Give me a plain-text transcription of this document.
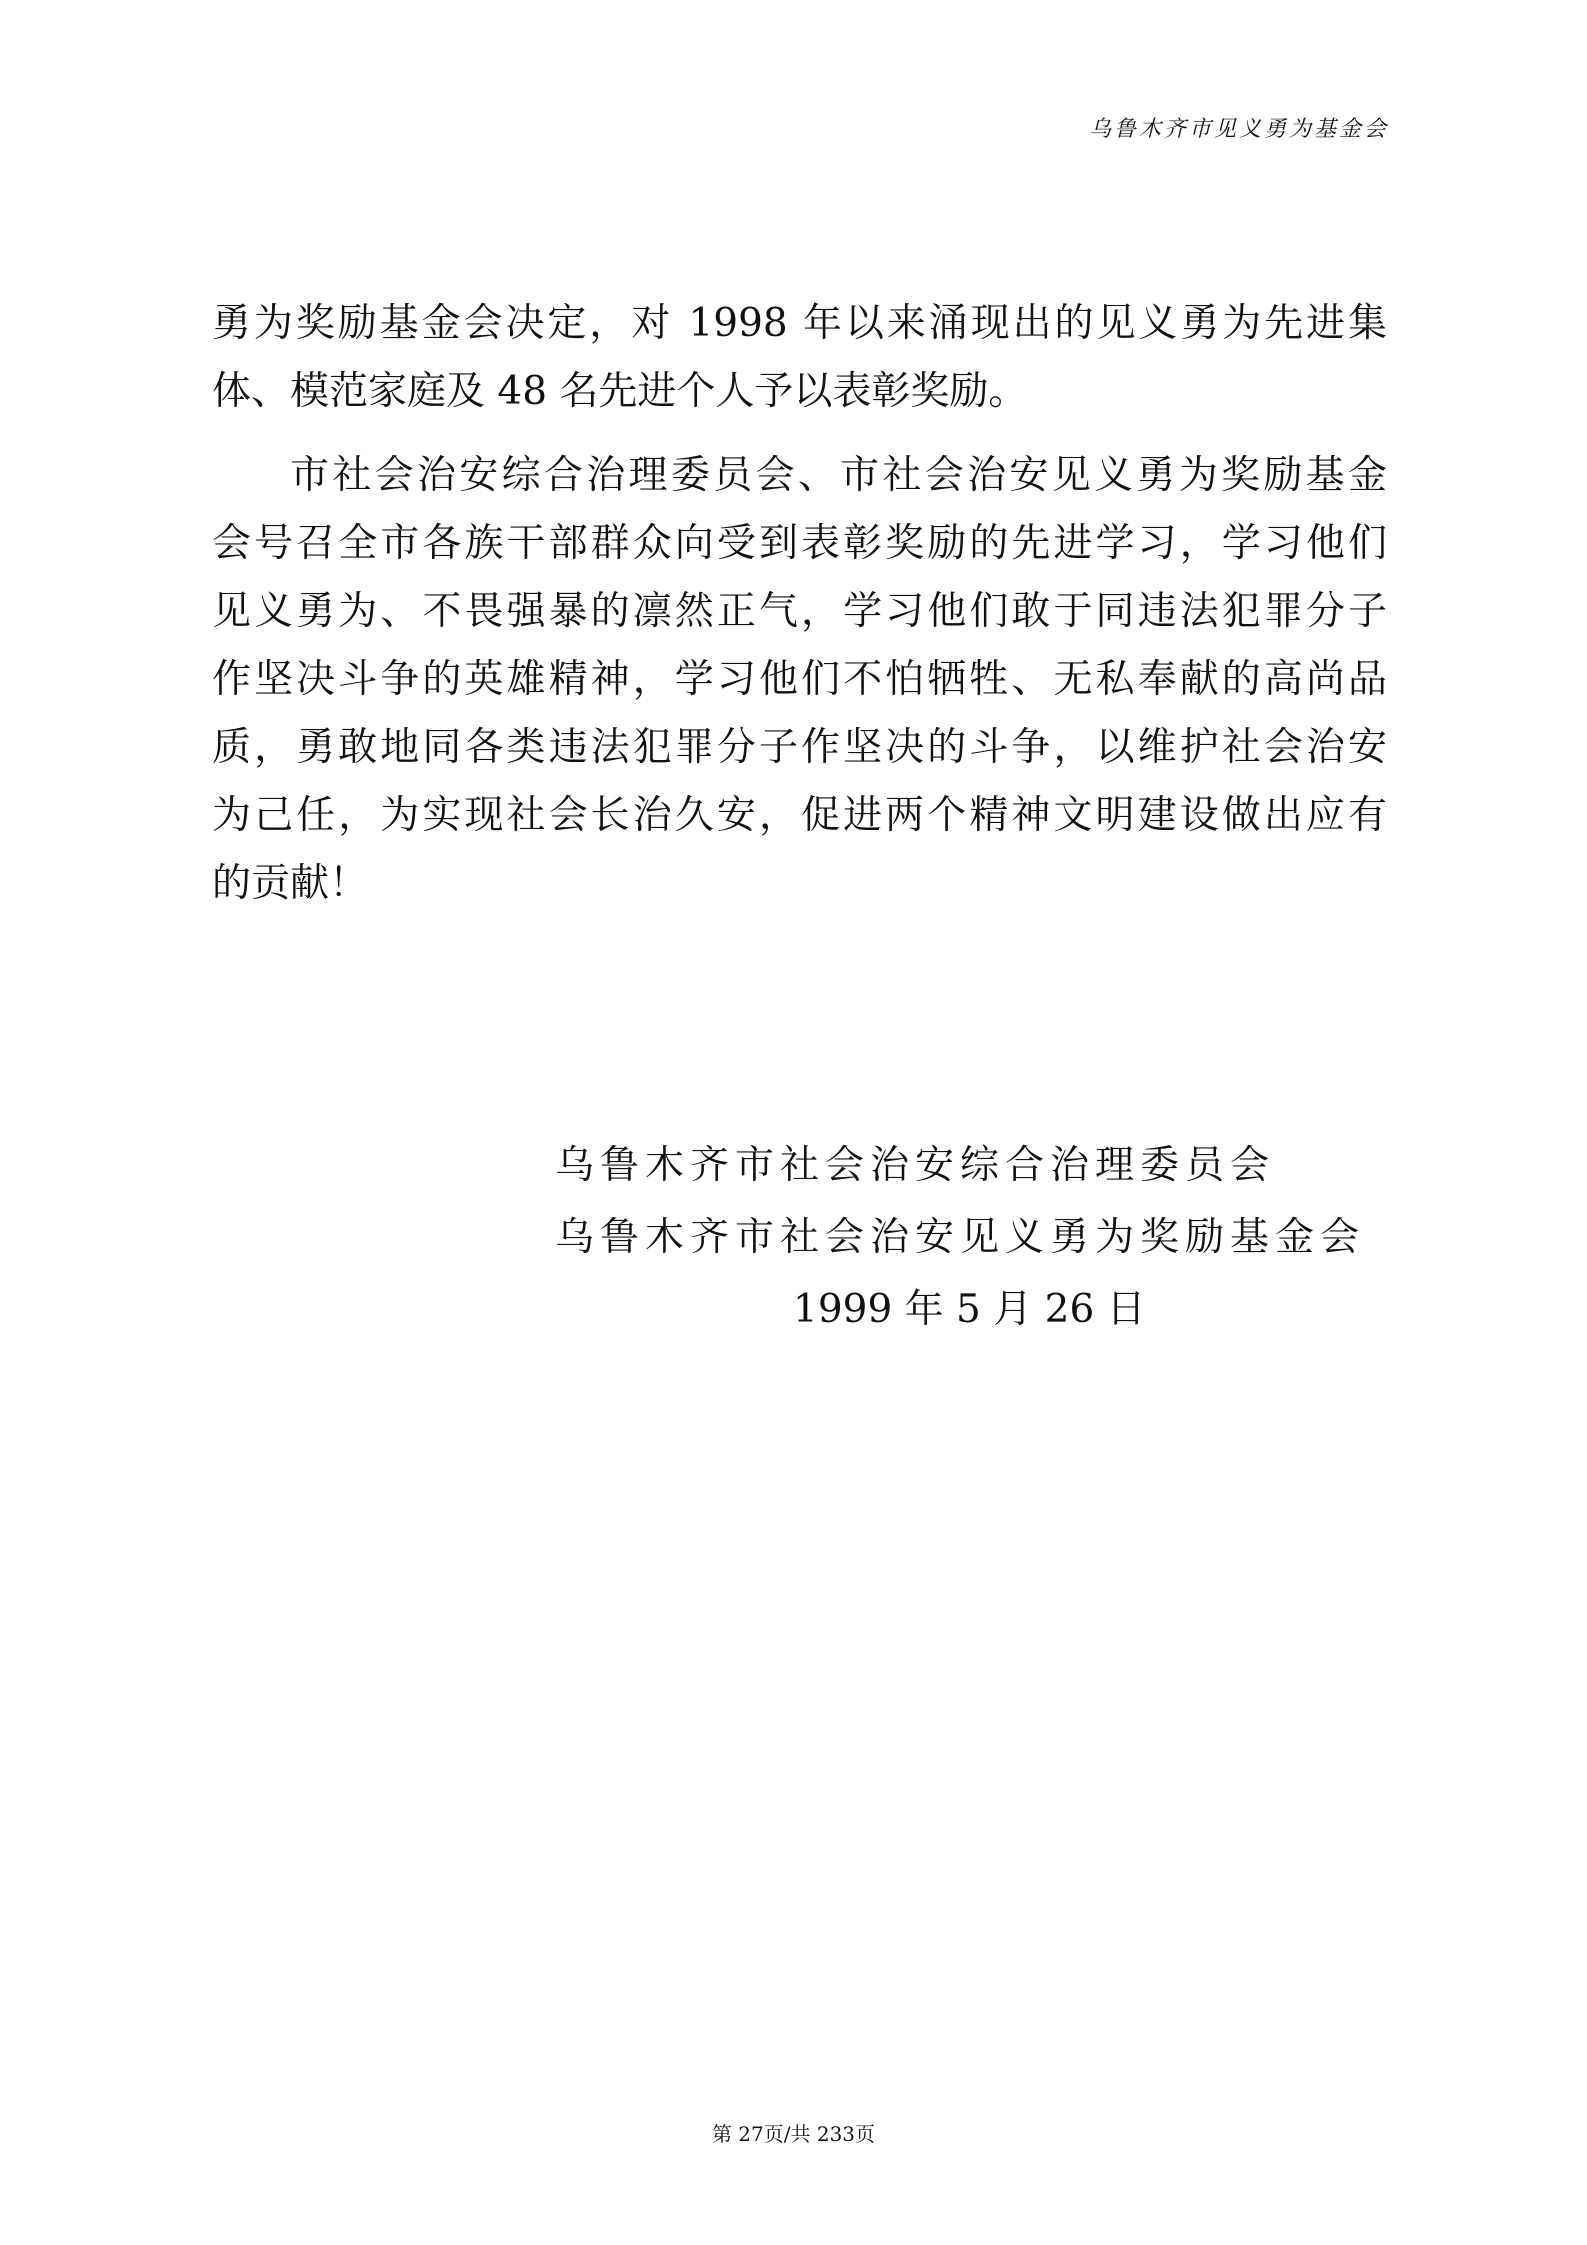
乌鲁木齐市见义勇为基金会
勇为奖励基金会决定，对 1998 年以来涌现出的见义勇为先进集
体、模范家庭及 48 名先进个人予以表彰奖励。
市社会治安综合治理委员会、市社会治安见义勇为奖励基金
会号召全市各族干部群众向受到表彰奖励的先进学习，学习他们
见义勇为、不畏强暴的凛然正气，学习他们敢于同违法犯罪分子
作坚决斗争的英雄精神，学习他们不怕牺牲、无私奉献的高尚品
质，勇敢地同各类违法犯罪分子作坚决的斗争，以维护社会治安
为己任，为实现社会长治久安，促进两个精神文明建设做出应有
的贡献！
乌鲁木齐市社会治安综合治理委员会
乌鲁木齐市社会治安见义勇为奖励基金会
1999 年 5 月 26 日
第 27页/共 233页
